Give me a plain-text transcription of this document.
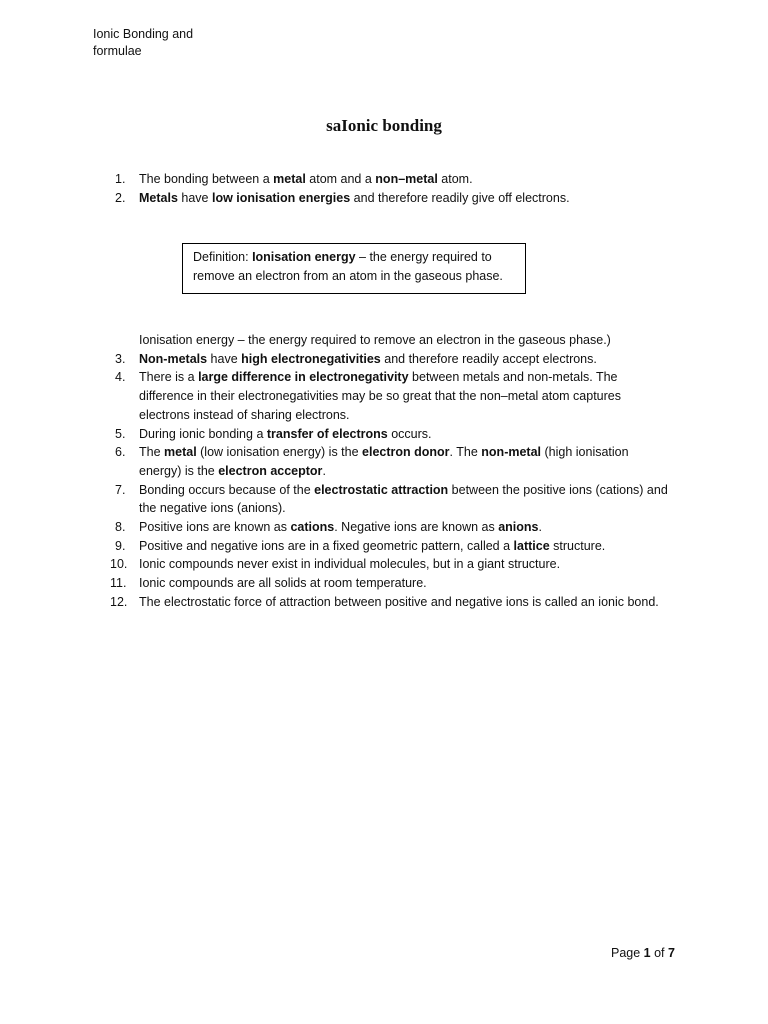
Ionic Bonding and
formulae
saIonic bonding
1. The bonding between a metal atom and a non–metal atom.
2. Metals have low ionisation energies and therefore readily give off electrons.
Definition: Ionisation energy – the energy required to remove an electron from an atom in the gaseous phase.
Ionisation energy – the energy required to remove an electron in the gaseous phase.)
3. Non-metals have high electronegativities and therefore readily accept electrons.
4. There is a large difference in electronegativity between metals and non-metals. The difference in their electronegativities may be so great that the non–metal atom captures electrons instead of sharing electrons.
5. During ionic bonding a transfer of electrons occurs.
6. The metal (low ionisation energy) is the electron donor. The non-metal (high ionisation energy) is the electron acceptor.
7. Bonding occurs because of the electrostatic attraction between the positive ions (cations) and the negative ions (anions).
8. Positive ions are known as cations. Negative ions are known as anions.
9. Positive and negative ions are in a fixed geometric pattern, called a lattice structure.
10. Ionic compounds never exist in individual molecules, but in a giant structure.
11. Ionic compounds are all solids at room temperature.
12. The electrostatic force of attraction between positive and negative ions is called an ionic bond.
Page 1 of 7
